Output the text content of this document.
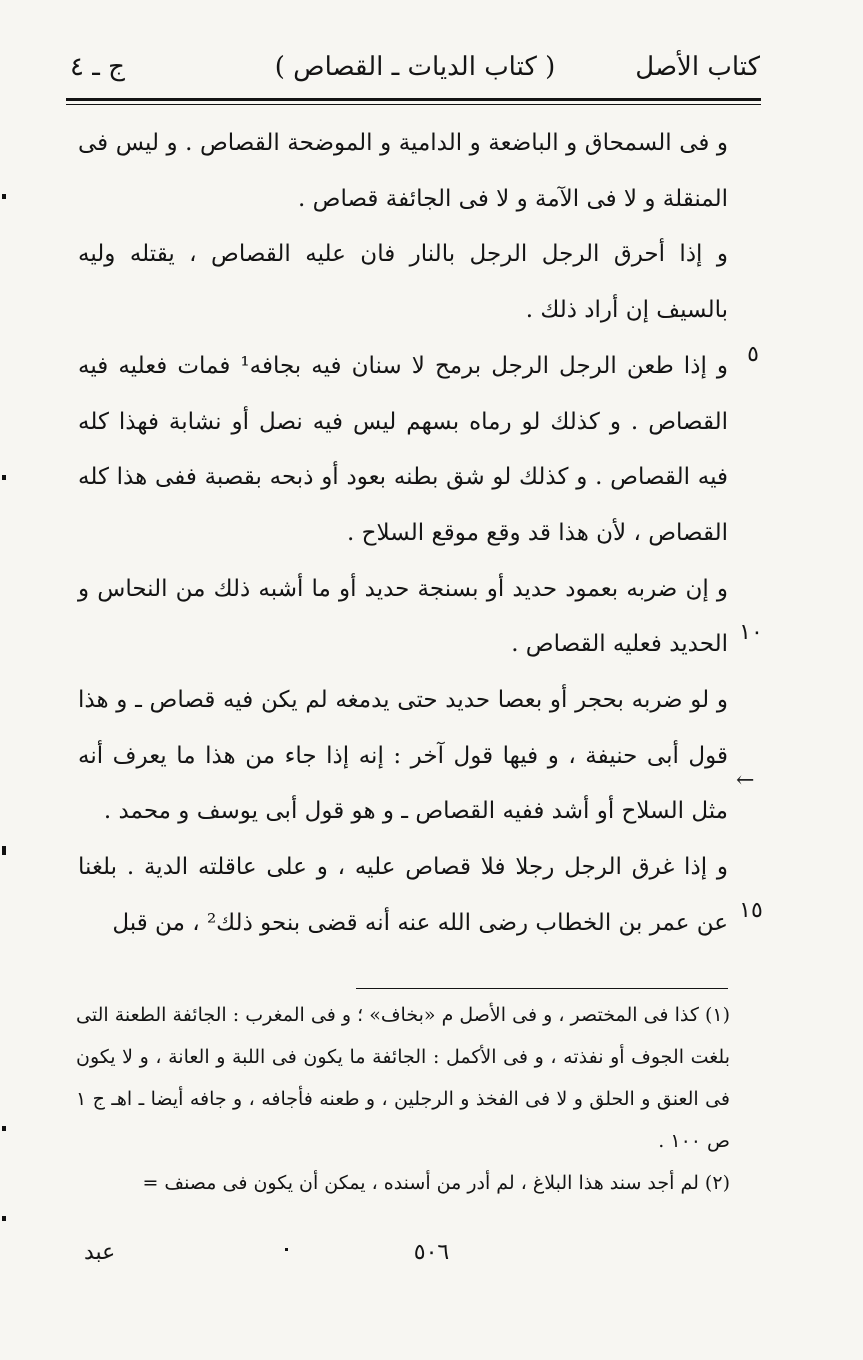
كتاب الأصل
( كتاب الديات ـ القصاص )
ج ـ ٤

و فى السمحاق و الباضعة و الدامية و الموضحة القصاص . و ليس فى المنقلة و لا فى الآمة و لا فى الجائفة قصاص .

و إذا أحرق الرجل الرجل بالنار فان عليه القصاص ، يقتله وليه بالسيف إن أراد ذلك .

و إذا طعن الرجل الرجل برمح لا سنان فيه بجافه¹ فمات فعليه فيه القصاص . و كذلك لو رماه بسهم ليس فيه نصل أو نشابة فهذا كله فيه القصاص . و كذلك لو شق بطنه بعود أو ذبحه بقصبة ففى هذا كله القصاص ، لأن هذا قد وقع موقع السلاح .

و إن ضربه بعمود حديد أو بسنجة حديد أو ما أشبه ذلك من النحاس و الحديد فعليه القصاص .

و لو ضربه بحجر أو بعصا حديد حتى يدمغه لم يكن فيه قصاص ـ و هذا قول أبى حنيفة ، و فيها قول آخر : إنه إذا جاء من هذا ما يعرف أنه مثل السلاح أو أشد ففيه القصاص ـ و هو قول أبى يوسف و محمد .

و إذا غرق الرجل رجلا فلا قصاص عليه ، و على عاقلته الدية . بلغنا عن عمر بن الخطاب رضى الله عنه أنه قضى بنحو ذلك² ، من قبل

٥
١٠
١٥
←

(١) كذا فى المختصر ، و فى الأصل م «بخاف» ؛ و فى المغرب : الجائفة الطعنة التى بلغت الجوف أو نفذته ، و فى الأكمل : الجائفة ما يكون فى اللبة و العانة ، و لا يكون فى العنق و الحلق و لا فى الفخذ و الرجلين ، و طعنه فأجافه ، و جافه أيضا ـ اهـ ج ١ ص ١٠٠ .

(٢) لم أجد سند هذا البلاغ ، لم أدر من أسنده ، يمكن أن يكون فى مصنف =

٥٠٦
عبد
